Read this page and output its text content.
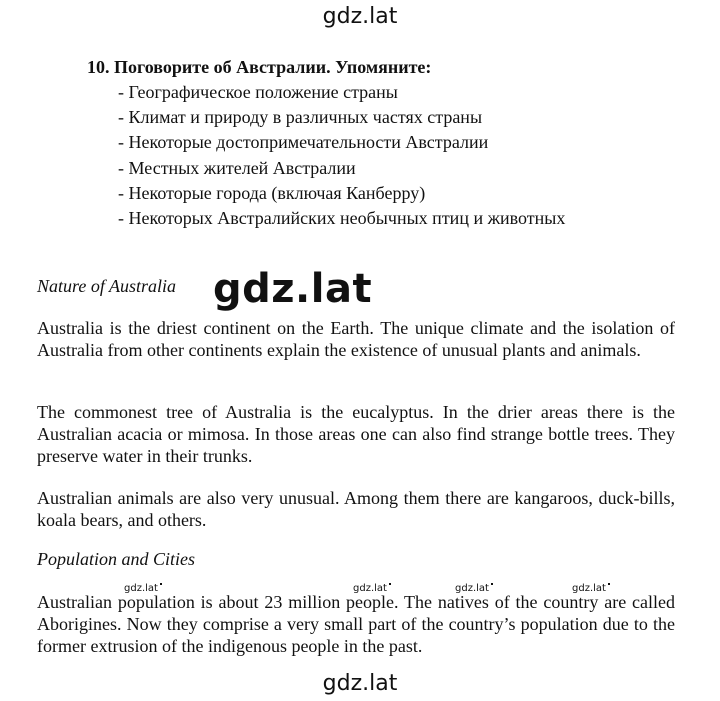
gdz.lat
10. Поговорите об Австралии. Упомяните:
- Географическое положение страны
- Климат и природу в различных частях страны
- Некоторые достопримечательности Австралии
- Местных жителей Австралии
- Некоторые города (включая Канберру)
- Некоторых Австралийских необычных птиц и животных
Nature of Australia gdz.lat

Australia is the driest continent on the Earth. The unique climate and the isolation of Australia from other continents explain the existence of unusual plants and animals.

The commonest tree of Australia is the eucalyptus. In the drier areas there is the Australian acacia or mimosa. In those areas one can also find strange bottle trees. They preserve water in their trunks.

Australian animals are also very unusual. Among them there are kangaroos, duck-bills, koala bears, and others.

Population and Cities
gdz.lat	gdz.lat	gdz.lat	gdz.lat

Australian population is about 23 million people. The natives of the country are called Aborigines. Now they comprise a very small part of the country’s population due to the former extrusion of the indigenous people in the past.

gdz.lat
